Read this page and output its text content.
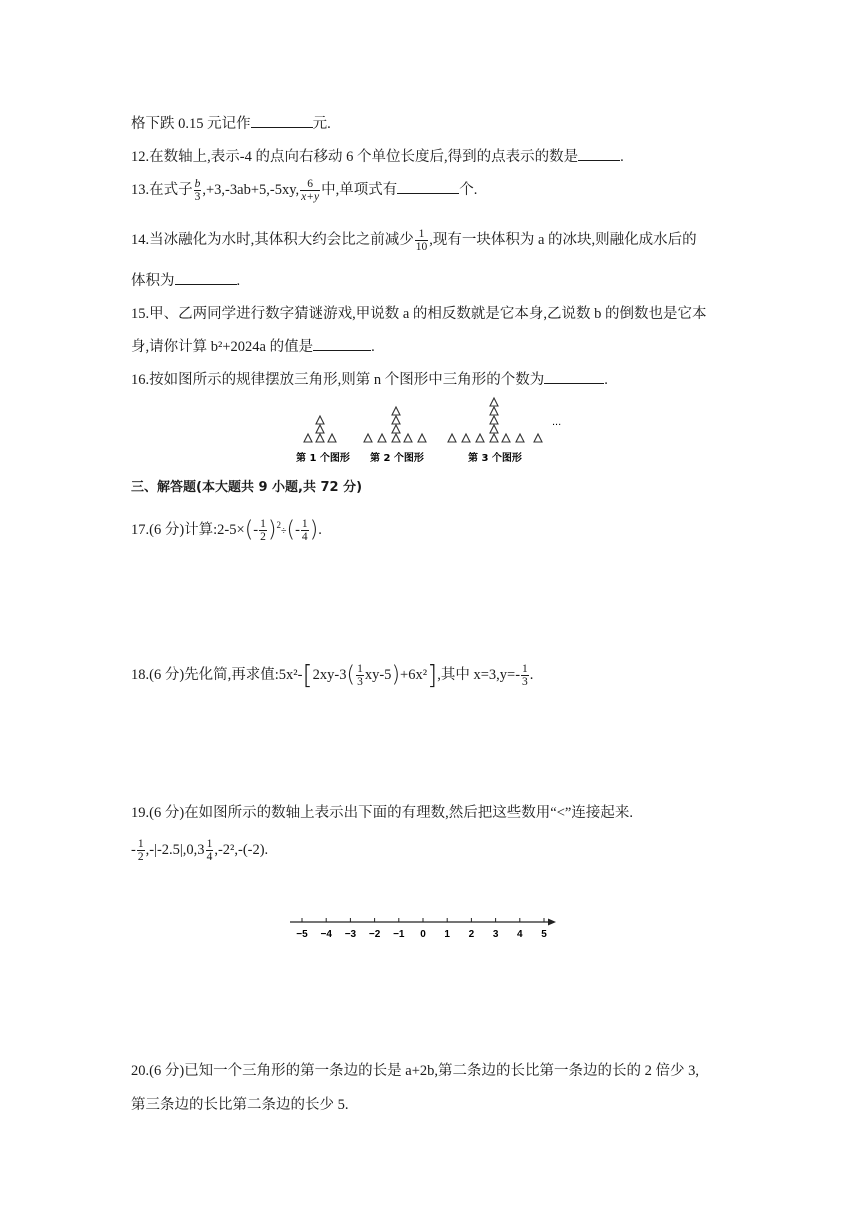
格下跌 0.15 元记作	元.
12.在数轴上,表示-4 的点向右移动 6 个单位长度后,得到的点表示的数是	.
13.在式子 $\frac{b}{3} ,+3,-3ab+5,-5xy$, $\frac{6}{x+y}$ 中,单项式有	个.
14.当冰融化为水时,其体积大约会比之前减少 $\frac{1}{10}$ ,现有一块体积为 a 的冰块,则融化成水后的
体积为	.
15.甲、乙两同学进行数字猜谜游戏,甲说数 a 的相反数就是它本身,乙说数 b 的倒数也是它本
身,请你计算 b²+2024a 的值是	.
16.按如图所示的规律摆放三角形,则第 n 个图形中三角形的个数为	.
...
第 1 个图形 第 2 个图形	第 3 个图形
三、解答题(本大题共 9 小题,共 72 分)
17.(6 分)计算:2-5×(- $\frac{1}{2} )^2\div(- \frac{1}{4}$ ).
18.(6 分)先化简,再求值:5x²-[2xy-3( $\frac{1}{3} xy-5)+6x^2$],其中 $x=3,y=- \frac{1}{3}$ .
19.(6 分)在如图所示的数轴上表示出下面的有理数,然后把这些数用“<”连接起来.
- $\frac{1}{2} ,-|-2.5|,0,3 \frac{1}{4} ,-2^2,-(-2)$.
−5 −4 −3 −2 −1 0 1 2 3 4 5
20.(6 分)已知一个三角形的第一条边的长是 a+2b,第二条边的长比第一条边的长的 2 倍少 3,
第三条边的长比第二条边的长少 5.
